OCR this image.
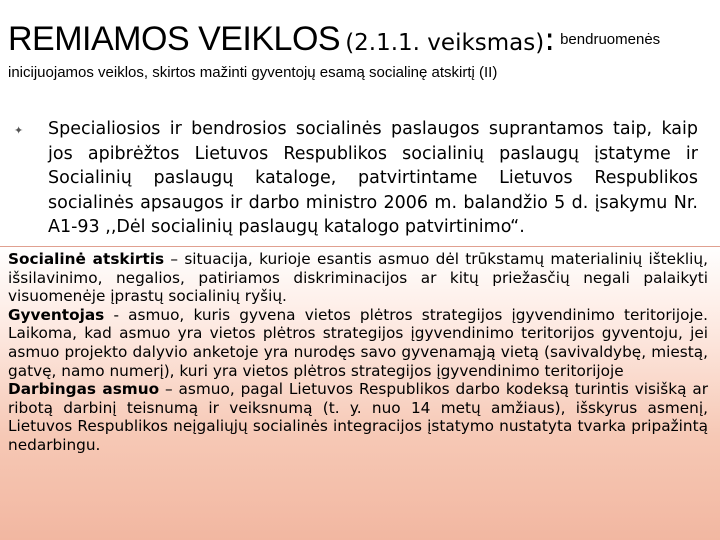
REMIAMOS VEIKLOS (2.1.1. veiksmas): bendruomenės
inicijuojamos veiklos, skirtos mažinti gyventojų esamą socialinę atskirtį (II)
✦ Specialiosios ir bendrosios socialinės paslaugos suprantamos taip, kaip jos apibrėžtos Lietuvos Respublikos socialinių paslaugų įstatyme ir Socialinių paslaugų kataloge, patvirtintame Lietuvos Respublikos socialinės apsaugos ir darbo ministro 2006 m. balandžio 5 d. įsakymu Nr. A1-93 ,,Dėl socialinių paslaugų katalogo patvirtinimo“.

Socialinė atskirtis – situacija, kurioje esantis asmuo dėl trūkstamų materialinių išteklių, išsilavinimo, negalios, patiriamos diskriminacijos ar kitų priežasčių negali palaikyti visuomenėje įprastų socialinių ryšių.

Gyventojas - asmuo, kuris gyvena vietos plėtros strategijos įgyvendinimo teritorijoje. Laikoma, kad asmuo yra vietos plėtros strategijos įgyvendinimo teritorijos gyventoju, jei asmuo projekto dalyvio anketoje yra nurodęs savo gyvenamąją vietą (savivaldybę, miestą, gatvę, namo numerį), kuri yra vietos plėtros strategijos įgyvendinimo teritorijoje

Darbingas asmuo – asmuo, pagal Lietuvos Respublikos darbo kodeksą turintis visišką ar ribotą darbinį teisnumą ir veiksnumą (t. y. nuo 14 metų amžiaus), išskyrus asmenį, Lietuvos Respublikos neįgaliųjų socialinės integracijos įstatymo nustatyta tvarka pripažintą nedarbingu.
